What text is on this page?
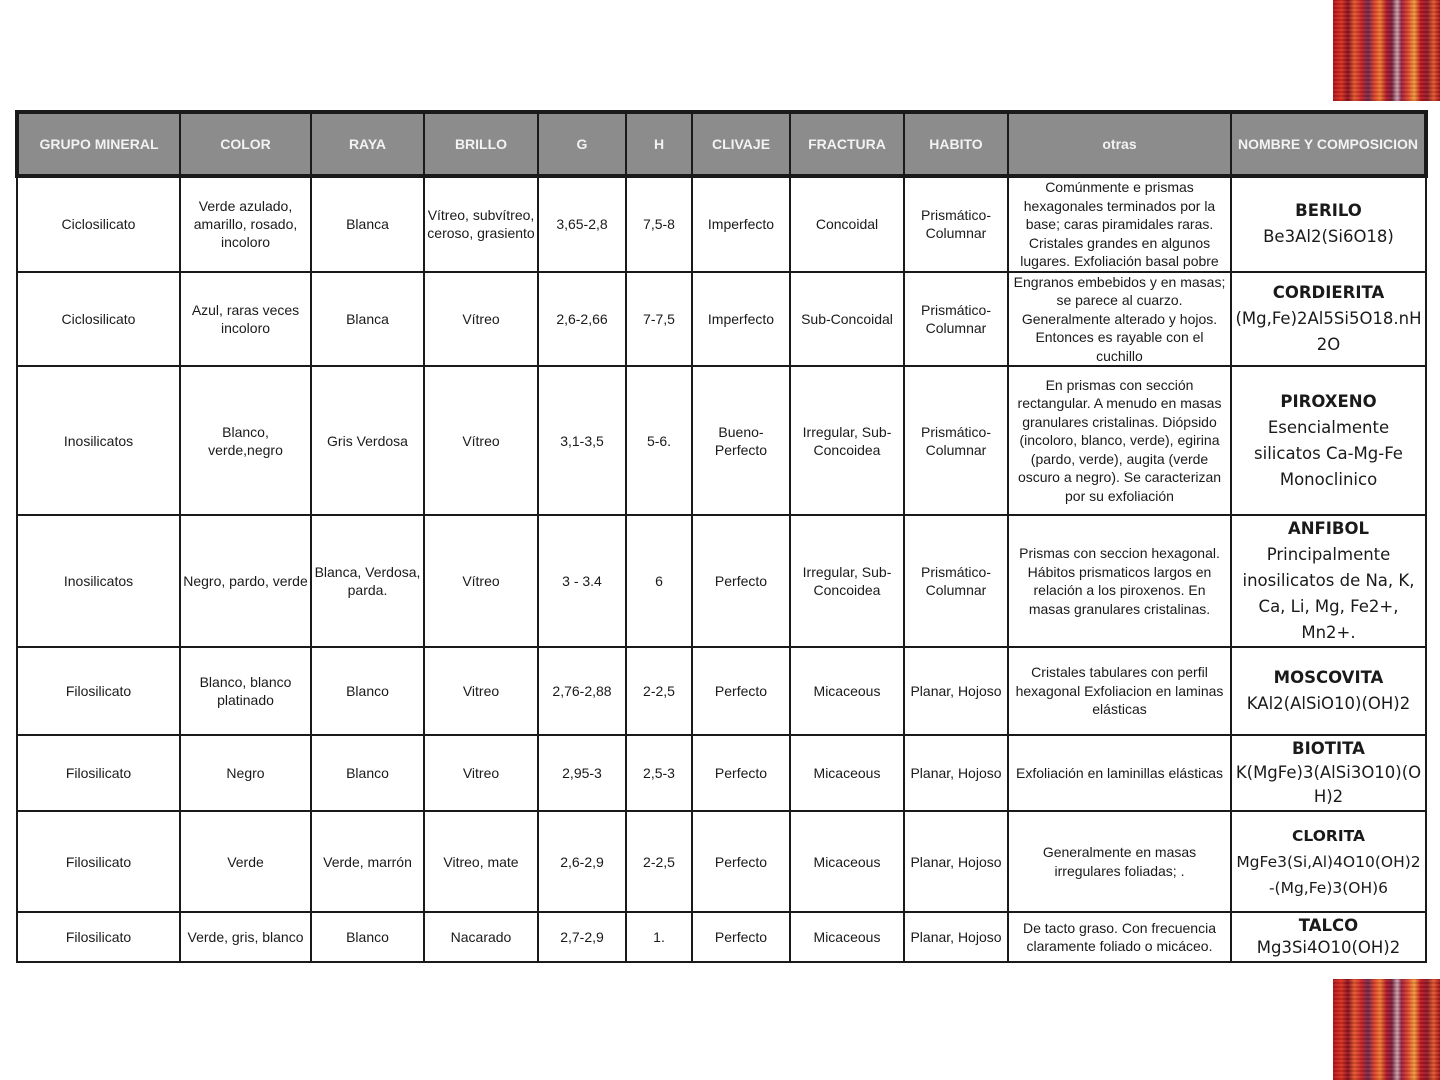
GRUPO MINERAL	COLOR	RAYA	BRILLO	G	H	CLIVAJE	FRACTURA	HABITO	otras	NOMBRE Y COMPOSICION
Ciclosilicato	Verde azulado, amarillo, rosado, incoloro	Blanca	Vítreo, subvítreo, ceroso, grasiento	3,65-2,8	7,5-8	Imperfecto	Concoidal	Prismático-Columnar	Comúnmente e prismas hexagonales terminados por la base; caras piramidales raras. Cristales grandes en algunos lugares. Exfoliación basal pobre	BERILO
Be3Al2(Si6O18)

Ciclosilicato	Azul, raras veces incoloro	Blanca	Vítreo	2,6-2,66	7-7,5	Imperfecto	Sub-Concoidal	Prismático-Columnar	Engranos embebidos y en masas; se parece al cuarzo. Generalmente alterado y hojos. Entonces es rayable con el cuchillo	CORDIERITA
(Mg,Fe)2Al5Si5O18.nH2O

Inosilicatos	Blanco, verde,negro	Gris Verdosa	Vítreo	3,1-3,5	5-6.	Bueno-Perfecto	Irregular, Sub-Concoidea	Prismático-Columnar	En prismas con sección rectangular. A menudo en masas granulares cristalinas. Diópsido (incoloro, blanco, verde), egirina (pardo, verde), augita (verde oscuro a negro). Se caracterizan por su exfoliación	PIROXENO
Esencialmente silicatos Ca-Mg-Fe Monoclinico

Inosilicatos	Negro, pardo, verde	Blanca, Verdosa, parda.	Vítreo	3 - 3.4	6	Perfecto	Irregular, Sub-Concoidea	Prismático-Columnar	Prismas con seccion hexagonal. Hábitos prismaticos largos en relación a los piroxenos. En masas granulares cristalinas.	ANFIBOL
Principalmente inosilicatos de Na, K, Ca, Li, Mg, Fe2+, Mn2+.

Filosilicato	Blanco, blanco platinado	Blanco	Vitreo	2,76-2,88	2-2,5	Perfecto	Micaceous	Planar, Hojoso	Cristales tabulares con perfil hexagonal Exfoliacion en laminas elásticas	MOSCOVITA
KAl2(AlSiO10)(OH)2

Filosilicato	Negro	Blanco	Vitreo	2,95-3	2,5-3	Perfecto	Micaceous	Planar, Hojoso	Exfoliación en laminillas elásticas	BIOTITA
K(MgFe)3(AlSi3O10)(OH)2

Filosilicato	Verde	Verde, marrón	Vitreo, mate	2,6-2,9	2-2,5	Perfecto	Micaceous	Planar, Hojoso	Generalmente en masas irregulares foliadas; .	CLORITA
MgFe3(Si,Al)4O10(OH)2-(Mg,Fe)3(OH)6

Filosilicato	Verde, gris, blanco	Blanco	Nacarado	2,7-2,9	1.	Perfecto	Micaceous	Planar, Hojoso	De tacto graso. Con frecuencia claramente foliado o micáceo.	TALCO
Mg3Si4O10(OH)2
